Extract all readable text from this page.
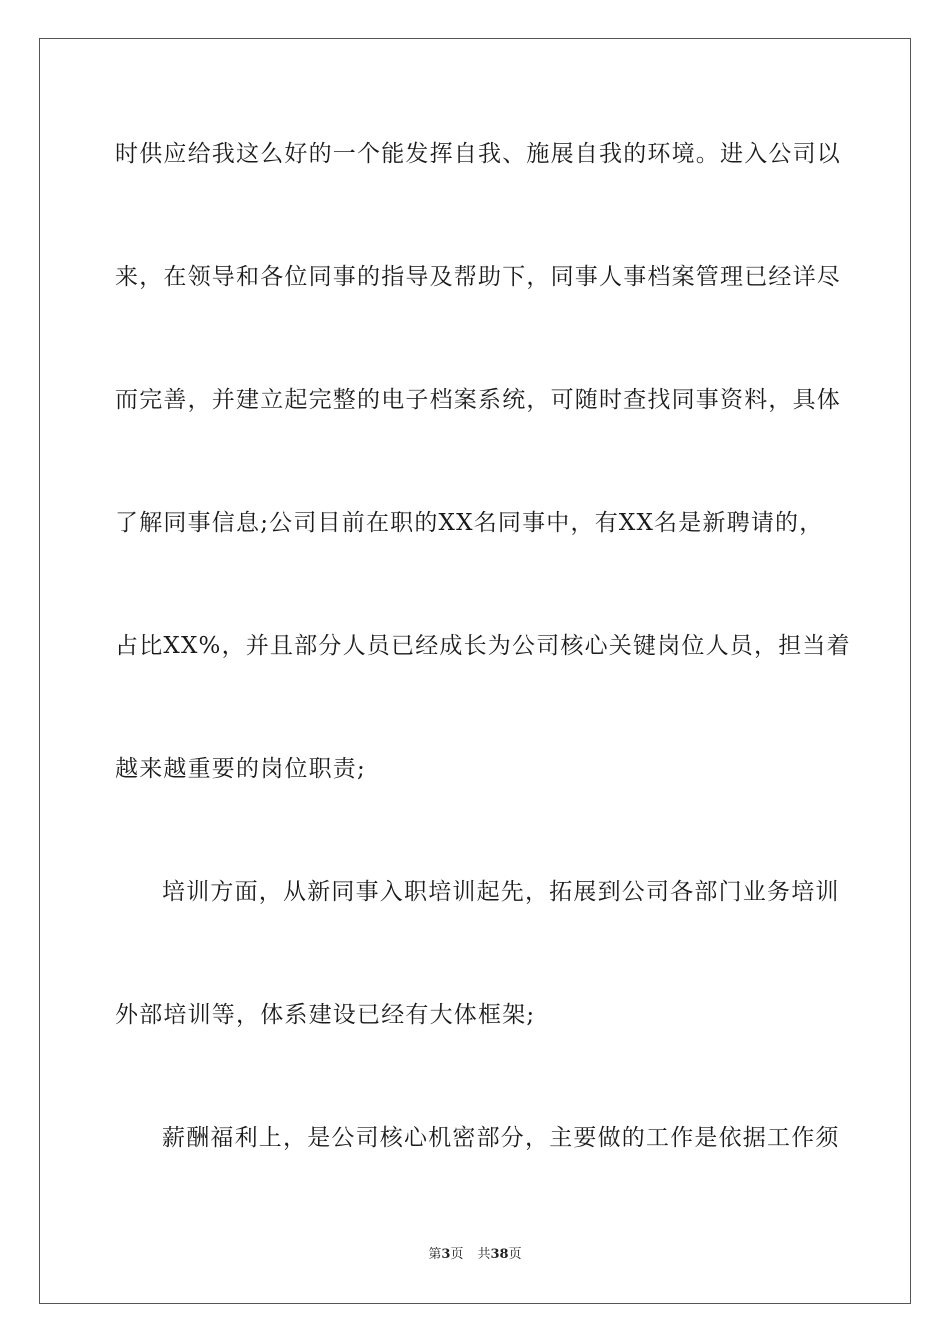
时供应给我这么好的一个能发挥自我、施展自我的环境。进入公司以
来，在领导和各位同事的指导及帮助下，同事人事档案管理已经详尽
而完善，并建立起完整的电子档案系统，可随时查找同事资料，具体
了解同事信息;公司目前在职的XX名同事中，有XX名是新聘请的，
占比XX%，并且部分人员已经成长为公司核心关键岗位人员，担当着
越来越重要的岗位职责;
培训方面，从新同事入职培训起先，拓展到公司各部门业务培训
外部培训等，体系建设已经有大体框架;
薪酬福利上，是公司核心机密部分，主要做的工作是依据工作须
第3页 共38页
